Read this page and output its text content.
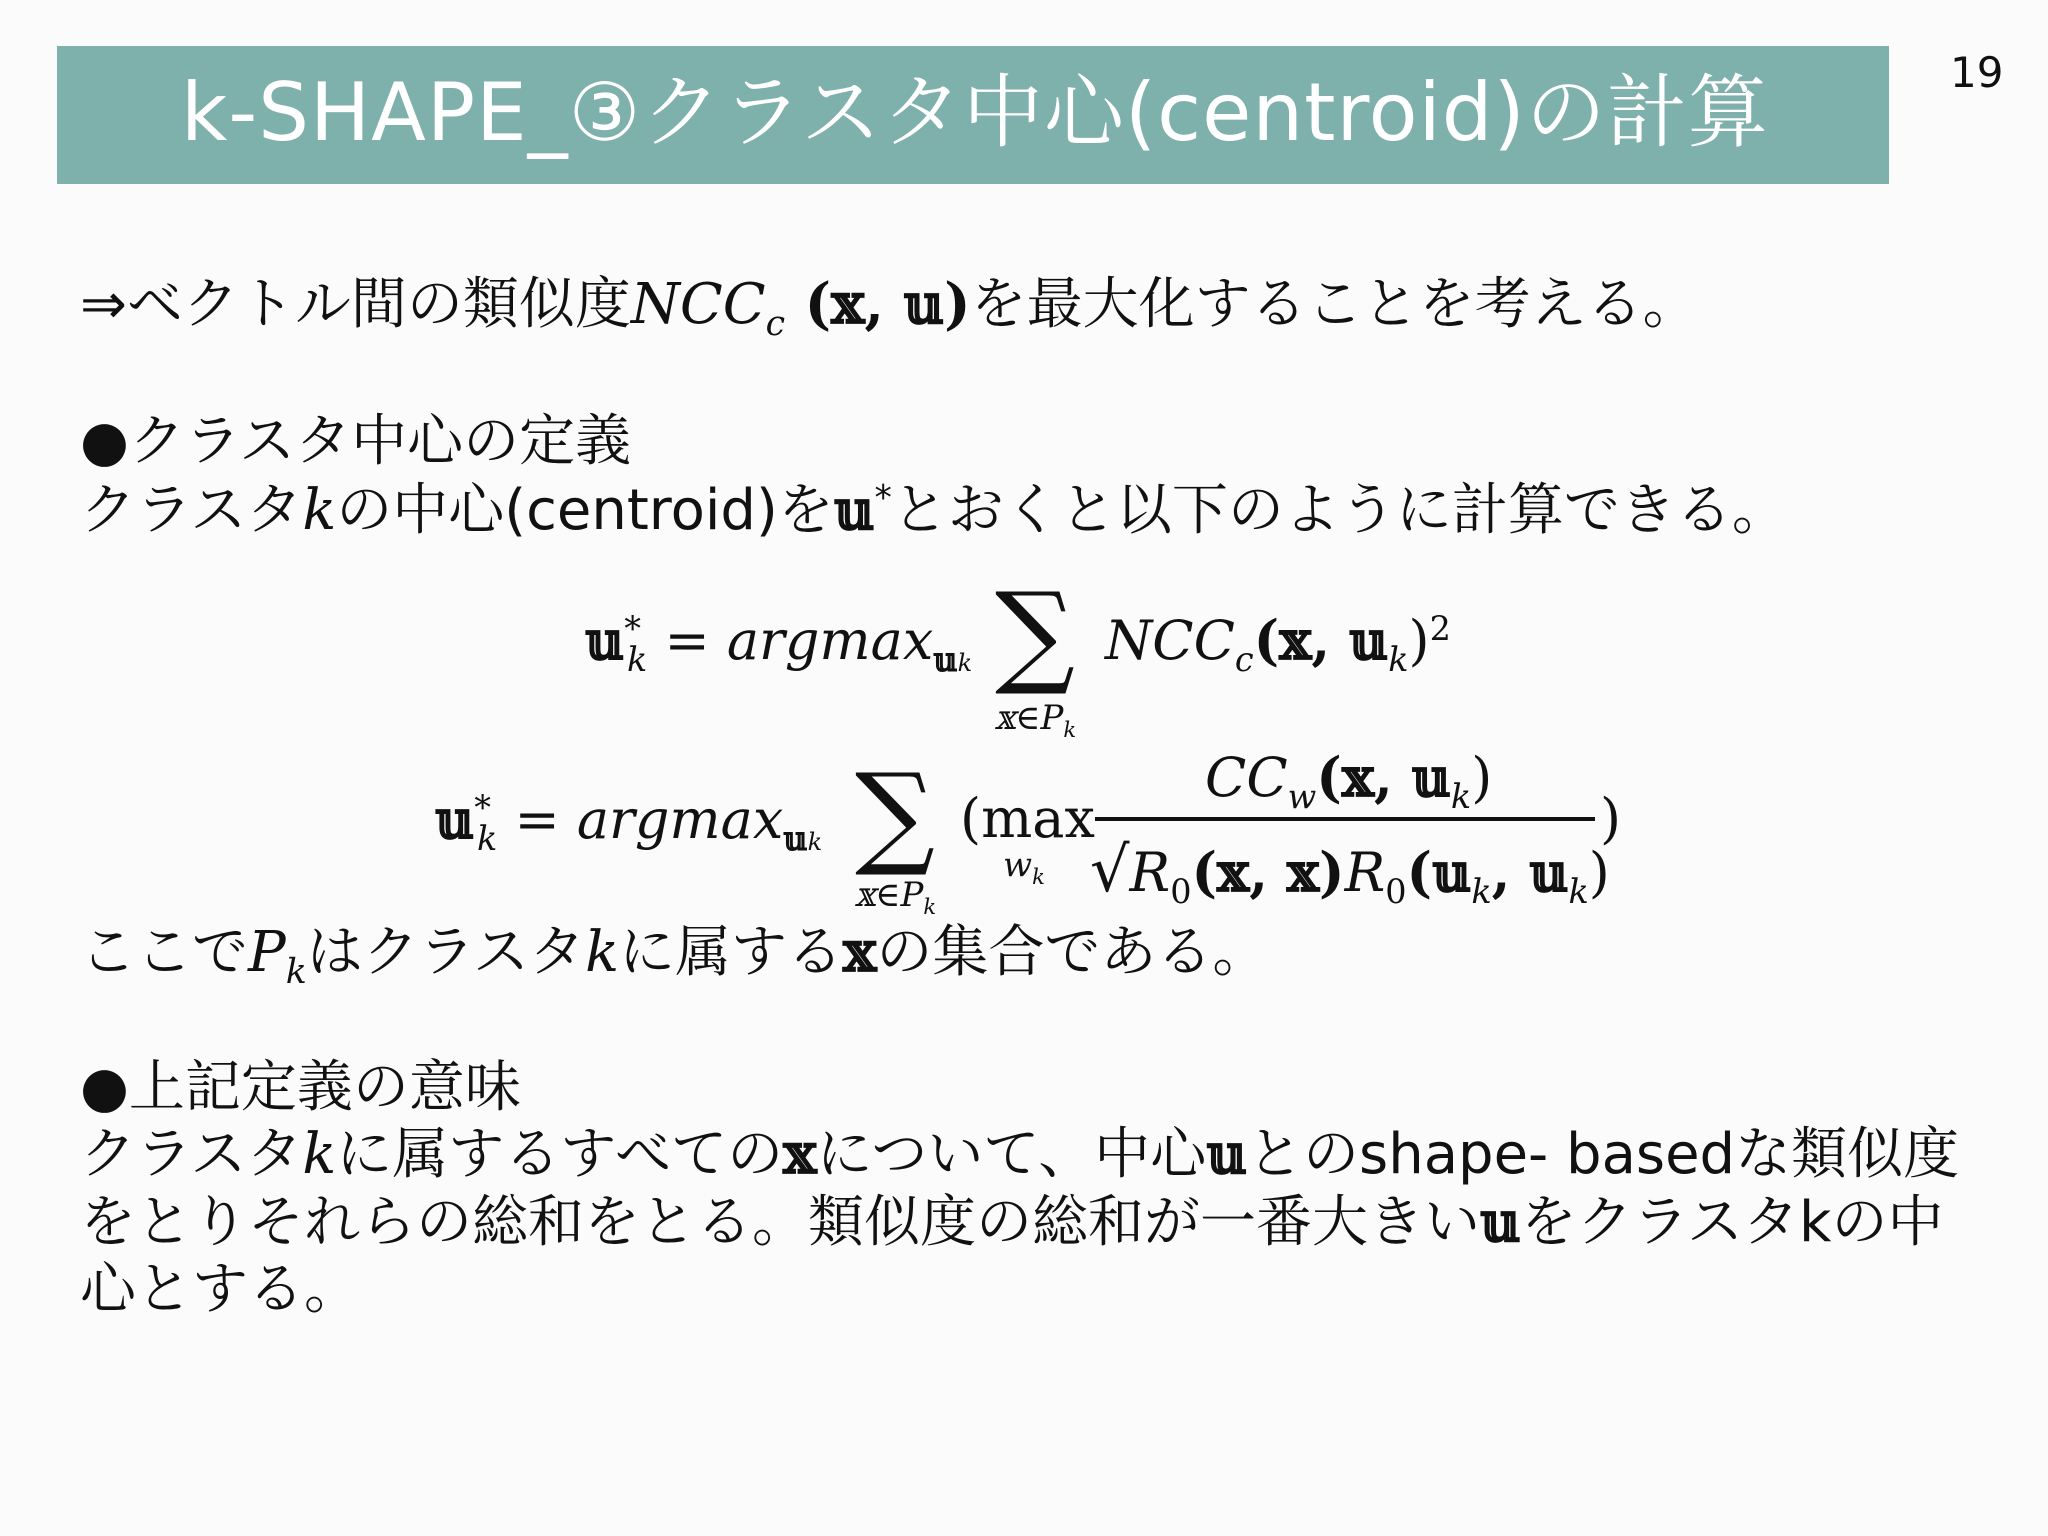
k-SHAPE_③クラスタ中心(centroid)の計算	19
⇒ベクトル間の類似度$NCC_c$ (𝕩, 𝕦)を最大化することを考える。
●クラスタ中心の定義
クラスタkの中心(centroid)を𝕦*とおくと以下のように計算できる。
𝕦*$_k$ = argmax$_{𝕦k}$ ∑
$𝕩\in P_k$
$NCC_c(𝕩$, 𝕦$_k$)$^2$
𝕦*$_k$ = argmax$_{𝕦k}$ ∑
$𝕩\in P_k$
(max
$w_k$
$CC_w(𝕩$, 𝕦$_k$)
$√R_0(𝕩$, $𝕩)R_0(𝕦_k$, 𝕦$_k$)
)
ここで$P_k$はクラスタkに属する𝕩の集合である。
●上記定義の意味
クラスタkに属するすべての𝕩について、中心𝕦とのshape- basedな類似度
をとりそれらの総和をとる。類似度の総和が一番大きい𝕦をクラスタkの中
心とする。
